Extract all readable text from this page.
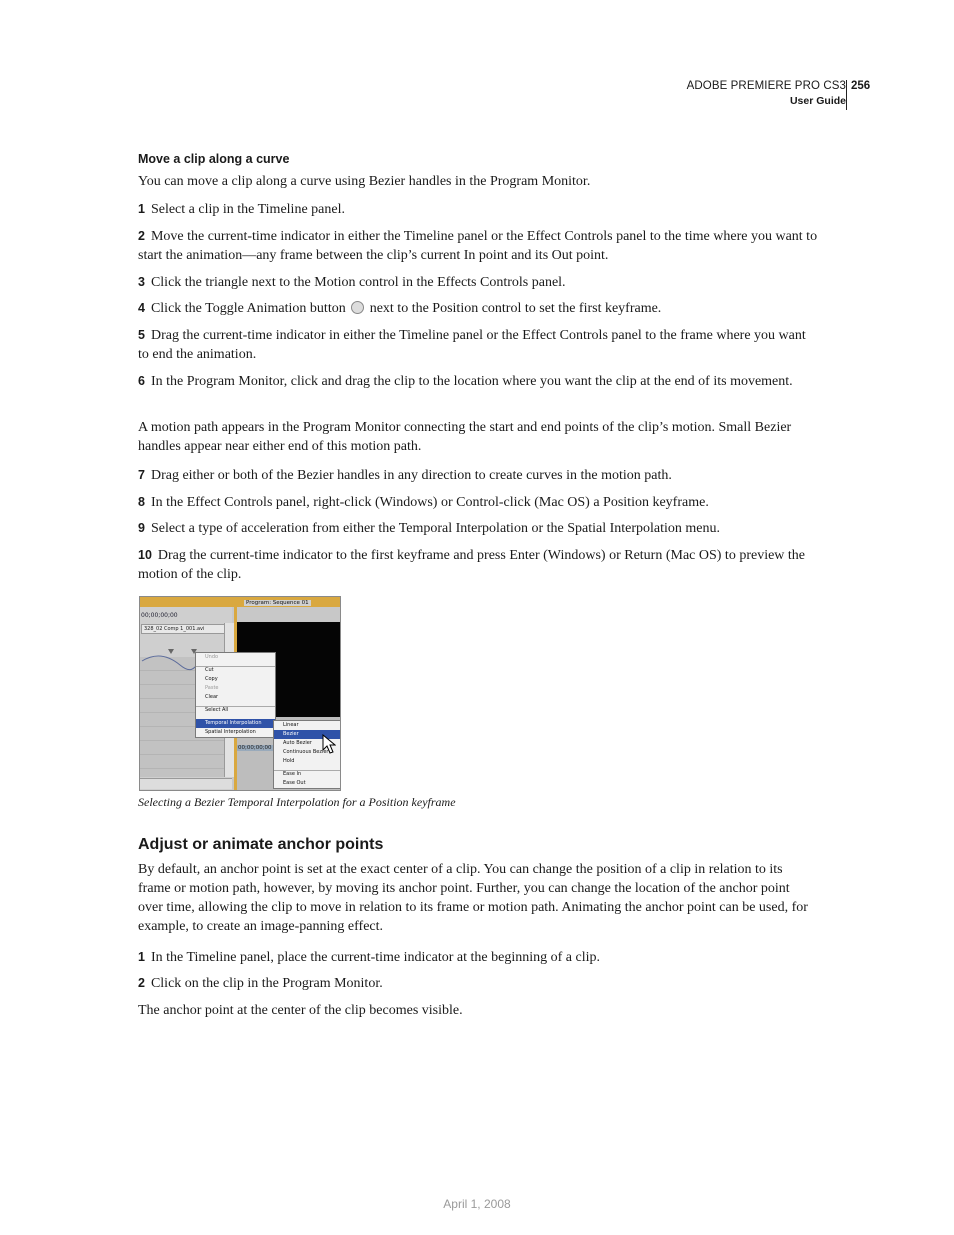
ADOBE PREMIERE PRO CS3
User Guide
256
Move a clip along a curve
You can move a clip along a curve using Bezier handles in the Program Monitor.
1 Select a clip in the Timeline panel.
2 Move the current-time indicator in either the Timeline panel or the Effect Controls panel to the time where you want to start the animation—any frame between the clip’s current In point and its Out point.
3 Click the triangle next to the Motion control in the Effects Controls panel.
4 Click the Toggle Animation button next to the Position control to set the first keyframe.
5 Drag the current-time indicator in either the Timeline panel or the Effect Controls panel to the frame where you want to end the animation.
6 In the Program Monitor, click and drag the clip to the location where you want the clip at the end of its movement.
A motion path appears in the Program Monitor connecting the start and end points of the clip’s motion. Small Bezier handles appear near either end of this motion path.
7 Drag either or both of the Bezier handles in any direction to create curves in the motion path.
8 In the Effect Controls panel, right-click (Windows) or Control-click (Mac OS) a Position keyframe.
9 Select a type of acceleration from either the Temporal Interpolation or the Spatial Interpolation menu.
10 Drag the current-time indicator to the first keyframe and press Enter (Windows) or Return (Mac OS) to preview the motion of the clip.
00;00;00;00
328_02 Comp 1_001.avi
Program: Sequence 01
00;00;00;00
Undo
Cut
Copy
Paste
Clear
Select All
Temporal Interpolation
Spatial Interpolation
Linear
Bezier
Auto Bezier
Continuous Bezier
Hold
Ease In
Ease Out
Selecting a Bezier Temporal Interpolation for a Position keyframe
Adjust or animate anchor points
By default, an anchor point is set at the exact center of a clip. You can change the position of a clip in relation to its frame or motion path, however, by moving its anchor point. Further, you can change the location of the anchor point over time, allowing the clip to move in relation to its frame or motion path. Animating the anchor point can be used, for example, to create an image-panning effect.
1 In the Timeline panel, place the current-time indicator at the beginning of a clip.
2 Click on the clip in the Program Monitor.
The anchor point at the center of the clip becomes visible.
April 1, 2008
